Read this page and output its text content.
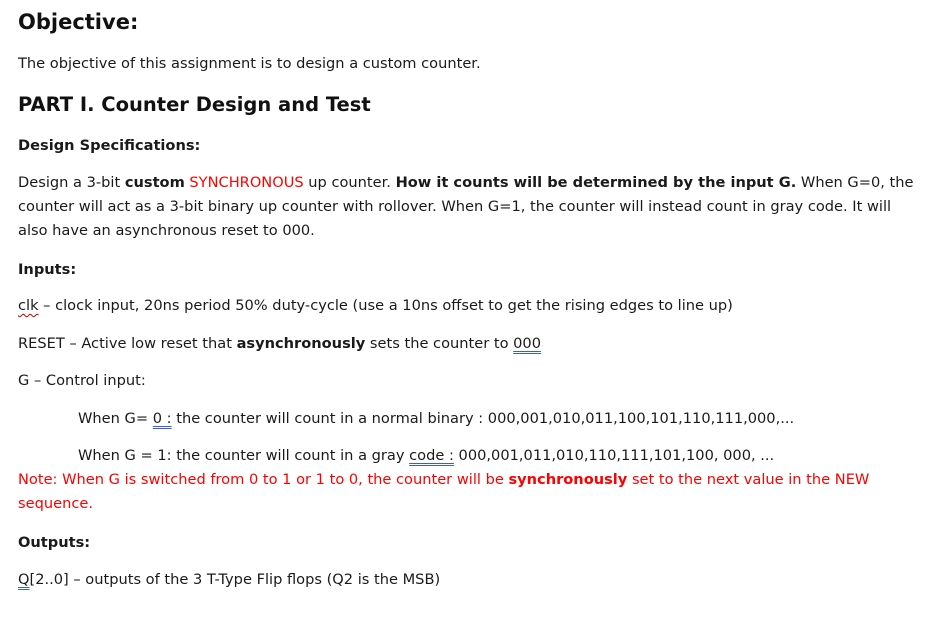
Objective:
The objective of this assignment is to design a custom counter.
PART I. Counter Design and Test
Design Specifications:
Design a 3-bit custom SYNCHRONOUS up counter. How it counts will be determined by the input G. When G=0, the counter will act as a 3-bit binary up counter with rollover. When G=1, the counter will instead count in gray code. It will also have an asynchronous reset to 000.
Inputs:
clk – clock input, 20ns period 50% duty-cycle (use a 10ns offset to get the rising edges to line up)
RESET – Active low reset that asynchronously sets the counter to 000
G – Control input:
When G= 0 : the counter will count in a normal binary : 000,001,010,011,100,101,110,111,000,...
When G = 1: the counter will count in a gray code : 000,001,011,010,110,111,101,100, 000, ...
Note: When G is switched from 0 to 1 or 1 to 0, the counter will be synchronously set to the next value in the NEW sequence.
Outputs:
Q[2..0] – outputs of the 3 T-Type Flip flops (Q2 is the MSB)
